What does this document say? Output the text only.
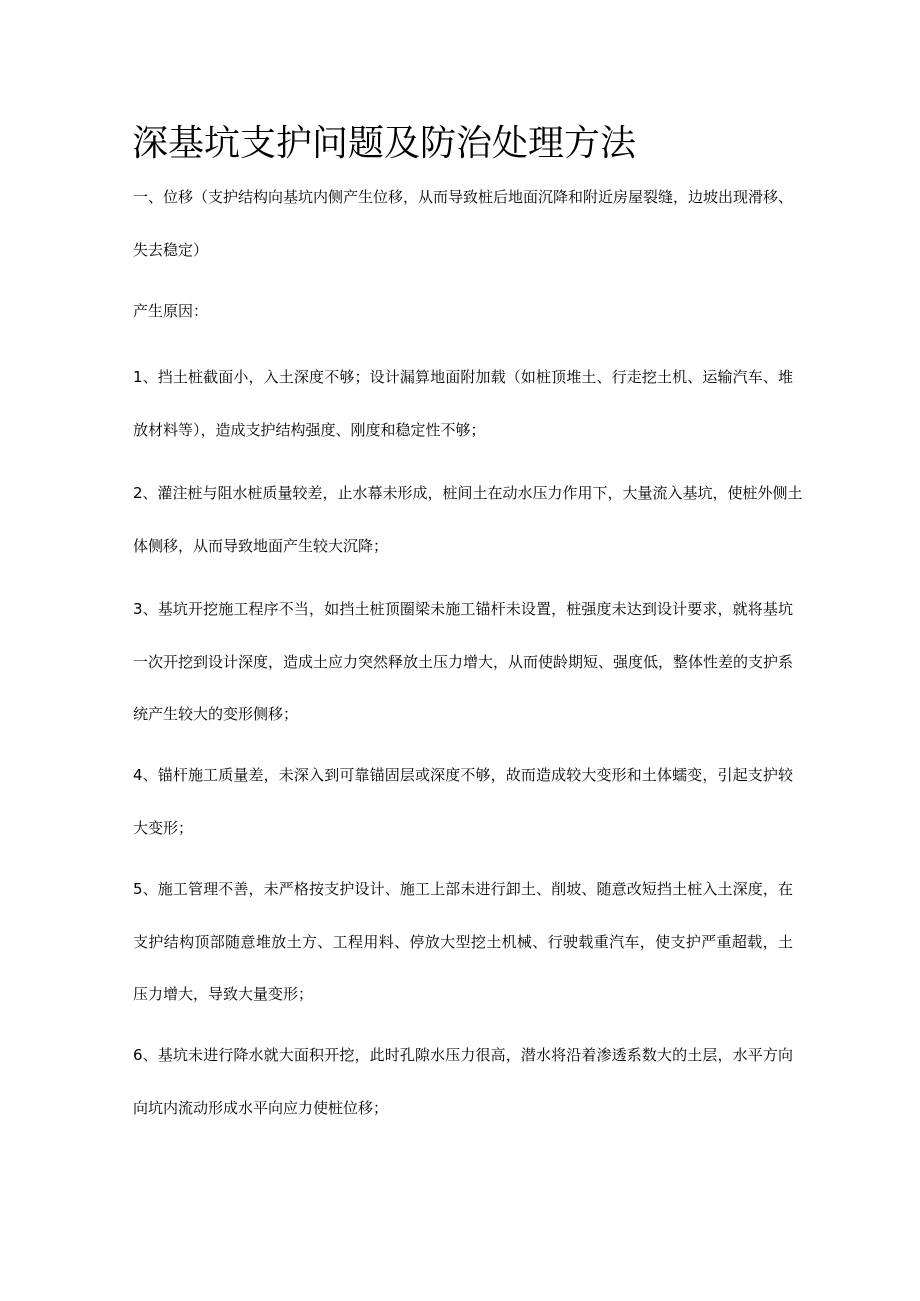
深基坑支护问题及防治处理方法
一、位移（支护结构向基坑内侧产生位移，从而导致桩后地面沉降和附近房屋裂缝，边坡出现滑移、
失去稳定）
产生原因：
1、挡土桩截面小，入土深度不够；设计漏算地面附加载（如桩顶堆土、行走挖土机、运输汽车、堆
放材料等），造成支护结构强度、刚度和稳定性不够；
2、灌注桩与阻水桩质量较差，止水幕未形成，桩间土在动水压力作用下，大量流入基坑，使桩外侧土
体侧移，从而导致地面产生较大沉降；
3、基坑开挖施工程序不当，如挡土桩顶圈梁未施工锚杆未设置，桩强度未达到设计要求，就将基坑
一次开挖到设计深度，造成土应力突然释放土压力增大，从而使龄期短、强度低，整体性差的支护系
统产生较大的变形侧移；
4、锚杆施工质量差，未深入到可靠锚固层或深度不够，故而造成较大变形和土体蠕变，引起支护较
大变形；
5、施工管理不善，未严格按支护设计、施工上部未进行卸土、削坡、随意改短挡土桩入土深度，在
支护结构顶部随意堆放土方、工程用料、停放大型挖土机械、行驶载重汽车，使支护严重超载，土
压力增大，导致大量变形；
6、基坑未进行降水就大面积开挖，此时孔隙水压力很高，潜水将沿着渗透系数大的土层，水平方向
向坑内流动形成水平向应力使桩位移；
